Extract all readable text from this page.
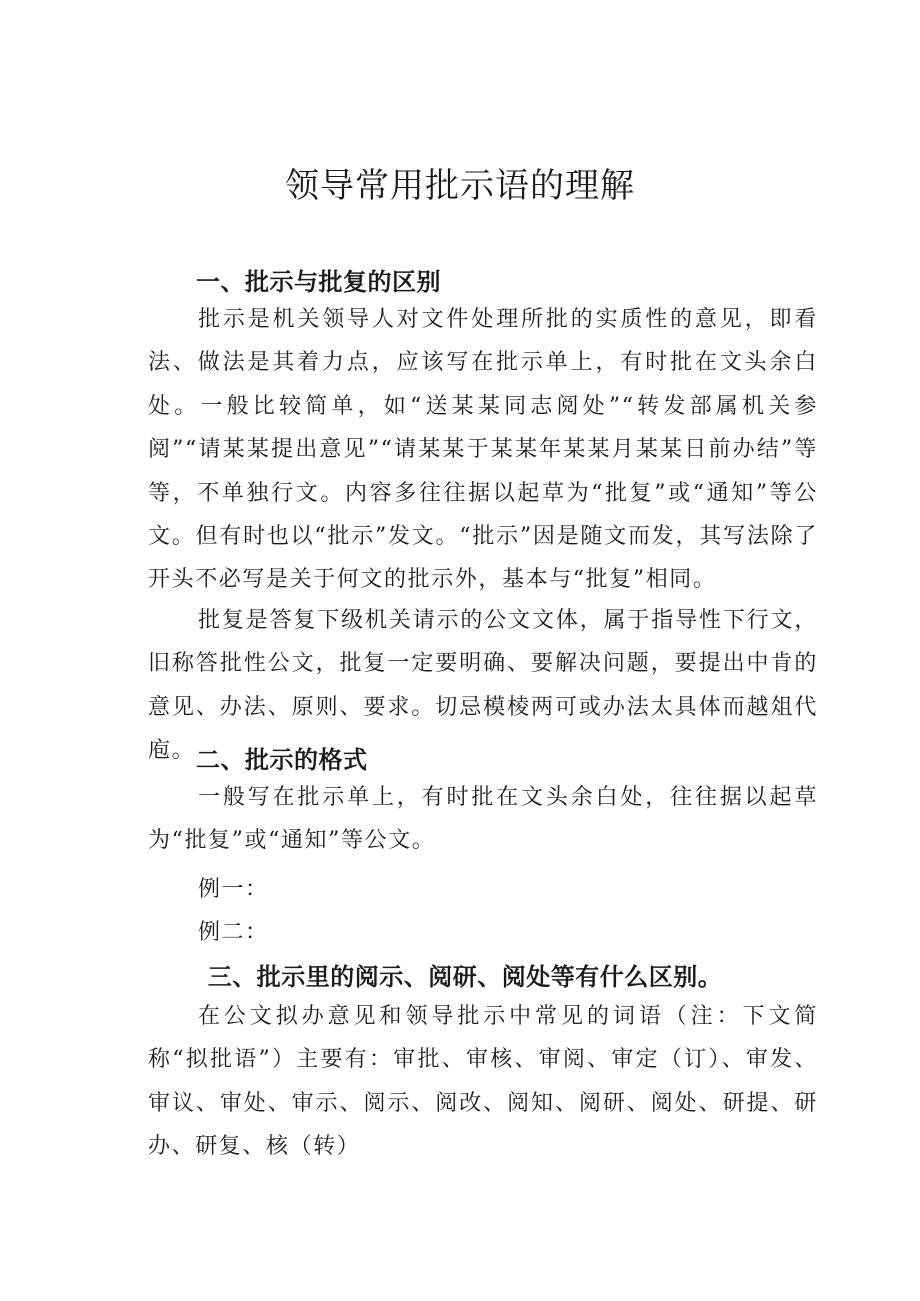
领导常用批示语的理解
一、批示与批复的区别

批示是机关领导人对文件处理所批的实质性的意见，即看法、做法是其着力点，应该写在批示单上，有时批在文头余白处。一般比较简单，如“送某某同志阅处”“转发部属机关参阅”“请某某提出意见”“请某某于某某年某某月某某日前办结”等等，不单独行文。内容多往往据以起草为“批复”或“通知”等公文。但有时也以“批示”发文。“批示”因是随文而发，其写法除了开头不必写是关于何文的批示外，基本与“批复”相同。

批复是答复下级机关请示的公文文体，属于指导性下行文，旧称答批性公文，批复一定要明确、要解决问题，要提出中肯的意见、办法、原则、要求。切忌模棱两可或办法太具体而越俎代庖。 二、批示的格式

一般写在批示单上，有时批在文头余白处，往往据以起草为“批复”或“通知”等公文。

例一：

例二：

三、批示里的阅示、阅研、阅处等有什么区别。

在公文拟办意见和领导批示中常见的词语（注：下文简称“拟批语”）主要有：审批、审核、审阅、审定（订）、审发、审议、审处、审示、阅示、阅改、阅知、阅研、阅处、研提、研办、研复、核（转）
